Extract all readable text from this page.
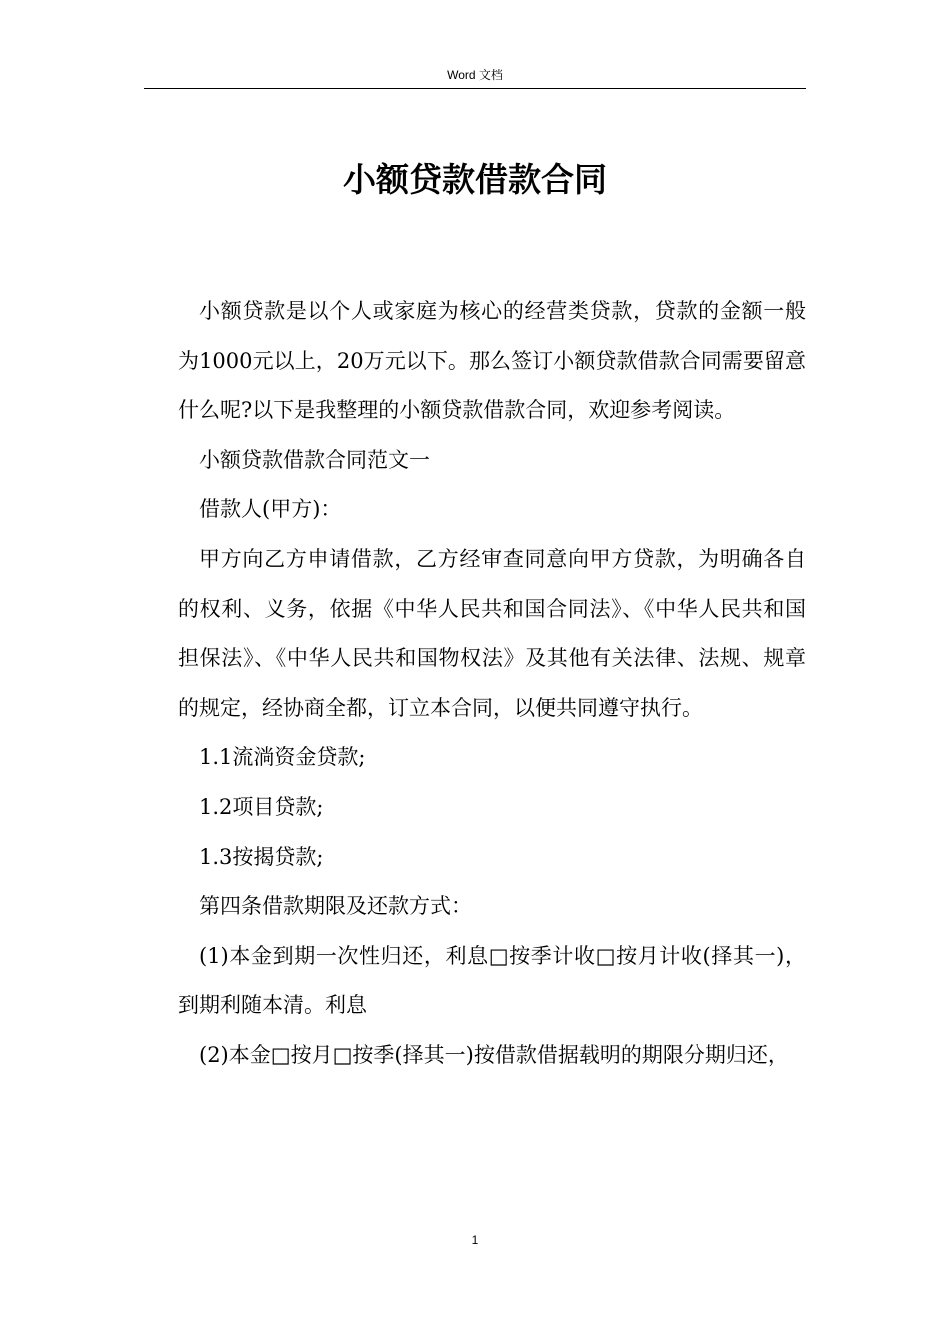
Word 文档
小额贷款借款合同

小额贷款是以个人或家庭为核心的经营类贷款，贷款的金额一般为1000元以上，20万元以下。那么签订小额贷款借款合同需要留意什么呢?以下是我整理的小额贷款借款合同，欢迎参考阅读。

小额贷款借款合同范文一

借款人(甲方)：

甲方向乙方申请借款，乙方经审查同意向甲方贷款，为明确各自的权利、义务，依据《中华人民共和国合同法》、《中华人民共和国担保法》、《中华人民共和国物权法》及其他有关法律、法规、规章的规定，经协商全都，订立本合同，以便共同遵守执行。

1.1流淌资金贷款;

1.2项目贷款;

1.3按揭贷款;

第四条借款期限及还款方式：

(1)本金到期一次性归还，利息□按季计收□按月计收(择其一)，到期利随本清。利息

(2)本金□按月□按季(择其一)按借款借据载明的期限分期归还，

1
